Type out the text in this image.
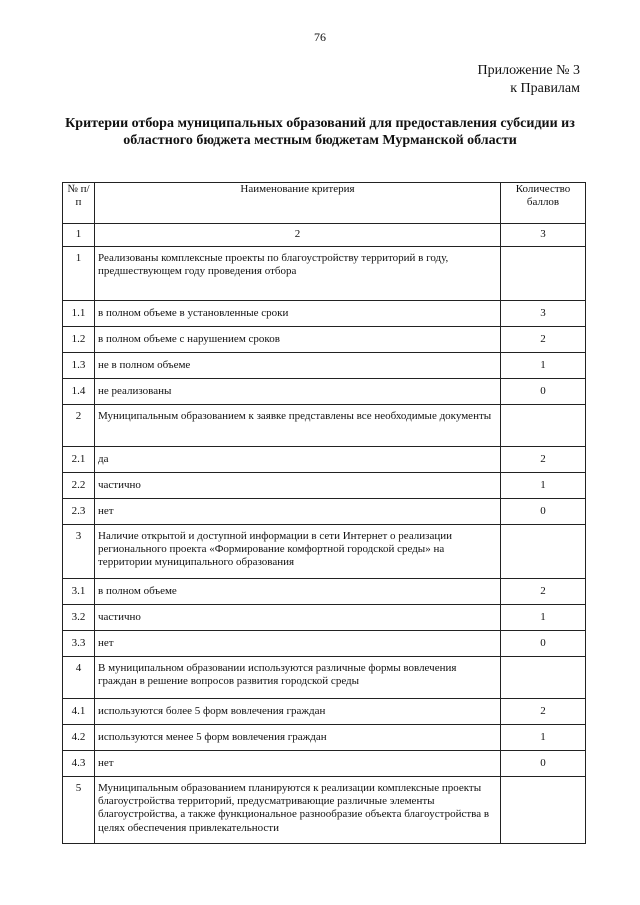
76
Приложение № 3
к Правилам
Критерии отбора муниципальных образований для предоставления субсидии из областного бюджета местным бюджетам Мурманской области
№ п/п	Наименование критерия	Количество баллов
1	2	3
1	Реализованы комплексные проекты по благоустройству территорий в году, предшествующем году проведения отбора	
1.1	в полном объеме в установленные сроки	3
1.2	в полном объеме с нарушением сроков	2
1.3	не в полном объеме	1
1.4	не реализованы	0
2	Муниципальным образованием к заявке представлены все необходимые документы	
2.1	да	2
2.2	частично	1
2.3	нет	0
3	Наличие открытой и доступной информации в сети Интернет о реализации регионального проекта «Формирование комфортной городской среды» на территории муниципального образования	
3.1	в полном объеме	2
3.2	частично	1
3.3	нет	0
4	В муниципальном образовании используются различные формы вовлечения граждан в решение вопросов развития городской среды	
4.1	используются более 5 форм вовлечения граждан	2
4.2	используются менее 5 форм вовлечения граждан	1
4.3	нет	0
5	Муниципальным образованием планируются к реализации комплексные проекты благоустройства территорий, предусматривающие различные элементы благоустройства, а также функциональное разнообразие объекта благоустройства в целях обеспечения привлекательности	
